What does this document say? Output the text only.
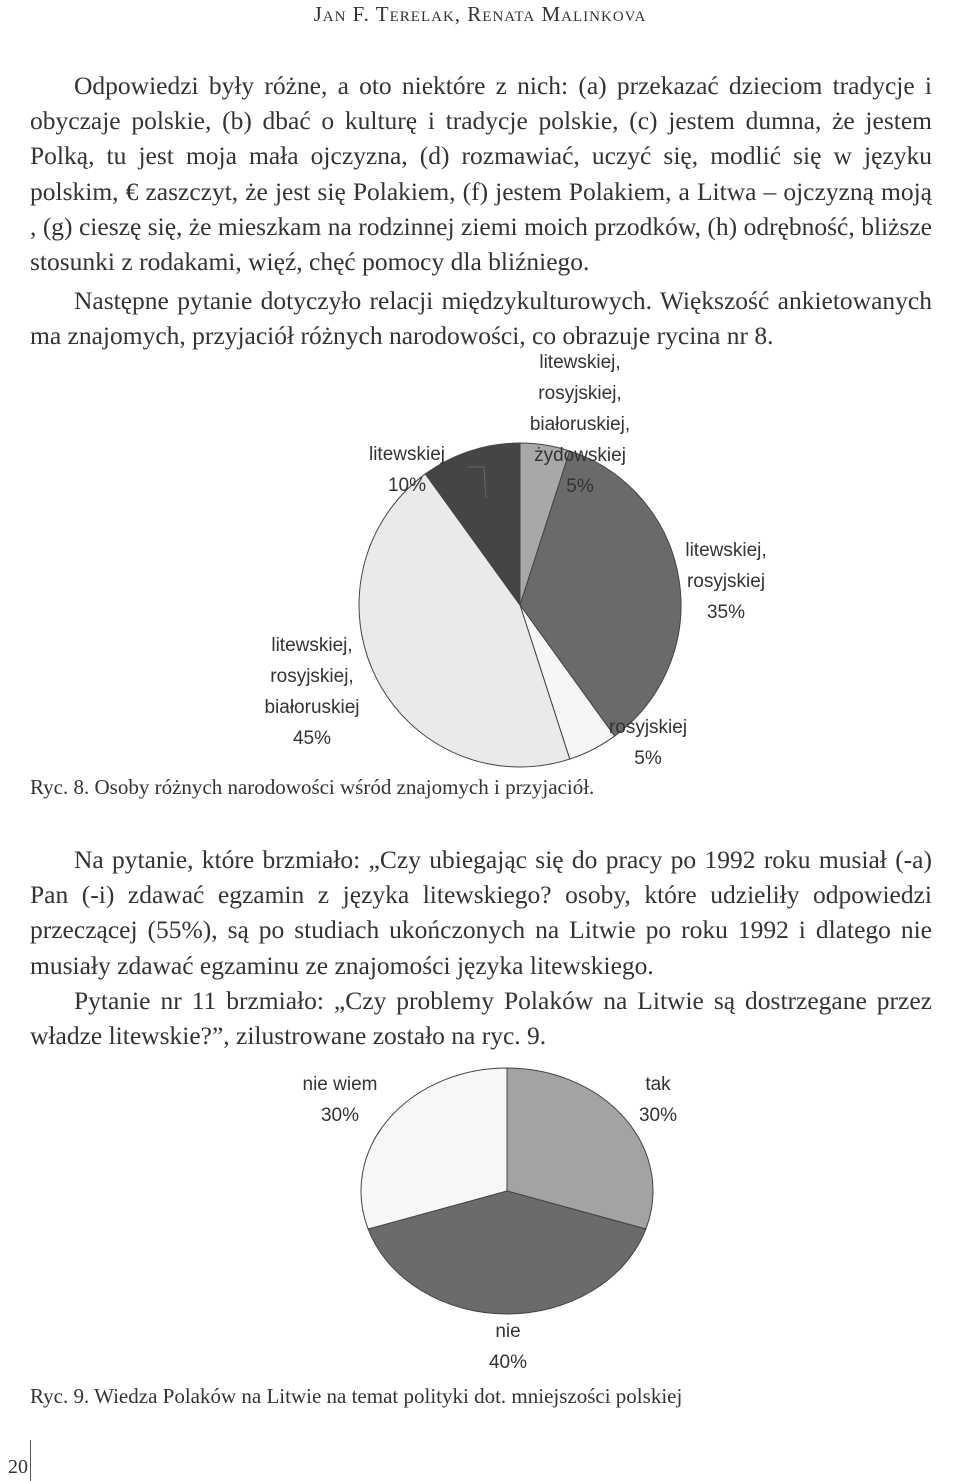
Jan F. Terelak, Renata Malinkova

Odpowiedzi były różne, a oto niektóre z nich: (a) przekazać dzieciom tradycje i obyczaje polskie, (b) dbać o kulturę i tradycje polskie, (c) jestem dumna, że jestem Polką, tu jest moja mała ojczyzna, (d) rozmawiać, uczyć się, modlić się w języku polskim, € zaszczyt, że jest się Polakiem, (f) jestem Polakiem, a Litwa – ojczyzną moją , (g) cieszę się, że mieszkam na rodzinnej ziemi moich przodków, (h) odrębność, bliższe stosunki z rodakami, więź, chęć pomocy dla bliźniego.

Następne pytanie dotyczyło relacji międzykulturowych. Większość ankietowanych ma znajomych, przyjaciół różnych narodowości, co obrazuje rycina nr 8.

litewskiej, rosyjskiej, białoruskiej, żydowskiej 5%
litewskiej, rosyjskiej 35%
rosyjskiej 5%
litewskiej, rosyjskiej, białoruskiej 45%
litewskiej 10%
Ryc. 8. Osoby różnych narodowości wśród znajomych i przyjaciół.

Na pytanie, które brzmiało: „Czy ubiegając się do pracy po 1992 roku musiał (-a) Pan (-i) zdawać egzamin z języka litewskiego? osoby, które udzieliły odpowiedzi przeczącej (55%), są po studiach ukończonych na Litwie po roku 1992 i dlatego nie musiały zdawać egzaminu ze znajomości języka litewskiego.

Pytanie nr 11 brzmiało: „Czy problemy Polaków na Litwie są dostrzegane przez władze litewskie?”, zilustrowane zostało na ryc. 9.

tak 30%
nie 40%
nie wiem 30%
Ryc. 9. Wiedza Polaków na Litwie na temat polityki dot. mniejszości polskiej
20
